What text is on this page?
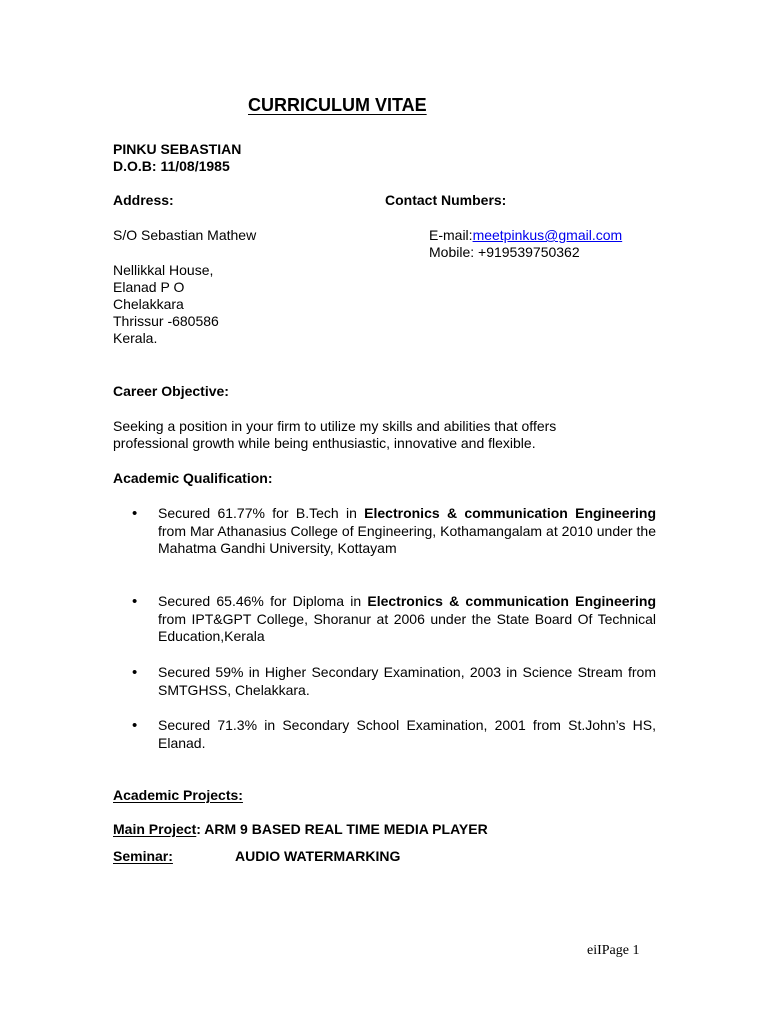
CURRICULUM VITAE
PINKU SEBASTIAN
D.O.B: 11/08/1985
Address:	Contact Numbers:
S/O Sebastian Mathew
Nellikkal House,
Elanad P O
Chelakkara
Thrissur -680586
Kerala.
E-mail:meetpinkus@gmail.com
Mobile: +919539750362
Career Objective:
Seeking a position in your firm to utilize my skills and abilities that offers
professional growth while being enthusiastic, innovative and flexible.
Academic Qualification:
• Secured 61.77% for B.Tech in Electronics & communication Engineering from Mar Athanasius College of Engineering, Kothamangalam at 2010 under the Mahatma Gandhi University, Kottayam

• Secured 65.46% for Diploma in Electronics & communication Engineering from IPT&GPT College, Shoranur at 2006 under the State Board Of Technical Education,Kerala

• Secured 59% in Higher Secondary Examination, 2003 in Science Stream from SMTGHSS, Chelakkara.

• Secured 71.3% in Secondary School Examination, 2001 from St.John’s HS, Elanad.

Academic Projects:
Main Project: ARM 9 BASED REAL TIME MEDIA PLAYER
Seminar:	AUDIO WATERMARKING
eiIPage 1
